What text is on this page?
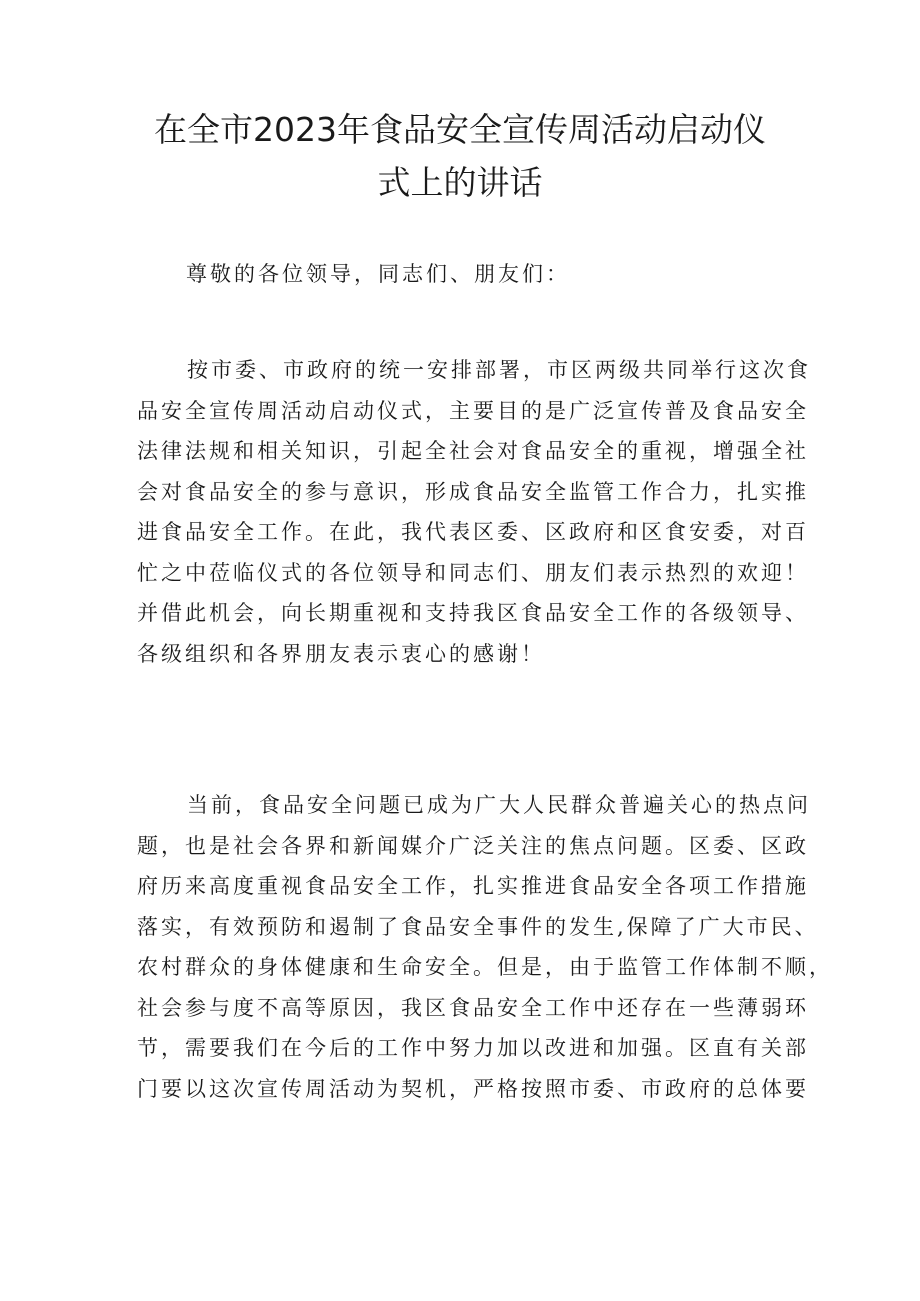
在全市2023年食品安全宣传周活动启动仪
式上的讲话

尊敬的各位领导，同志们、朋友们：

按市委、市政府的统一安排部署，市区两级共同举行这次食
品安全宣传周活动启动仪式，主要目的是广泛宣传普及食品安全
法律法规和相关知识，引起全社会对食品安全的重视，增强全社
会对食品安全的参与意识，形成食品安全监管工作合力，扎实推
进食品安全工作。在此，我代表区委、区政府和区食安委，对百
忙之中莅临仪式的各位领导和同志们、朋友们表示热烈的欢迎！
并借此机会，向长期重视和支持我区食品安全工作的各级领导、
各级组织和各界朋友表示衷心的感谢！
当前，食品安全问题已成为广大人民群众普遍关心的热点问
题，也是社会各界和新闻媒介广泛关注的焦点问题。区委、区政
府历来高度重视食品安全工作，扎实推进食品安全各项工作措施
落实，有效预防和遏制了食品安全事件的发生,保障了广大市民、
农村群众的身体健康和生命安全。但是，由于监管工作体制不顺，
社会参与度不高等原因，我区食品安全工作中还存在一些薄弱环
节，需要我们在今后的工作中努力加以改进和加强。区直有关部
门要以这次宣传周活动为契机，严格按照市委、市政府的总体要
